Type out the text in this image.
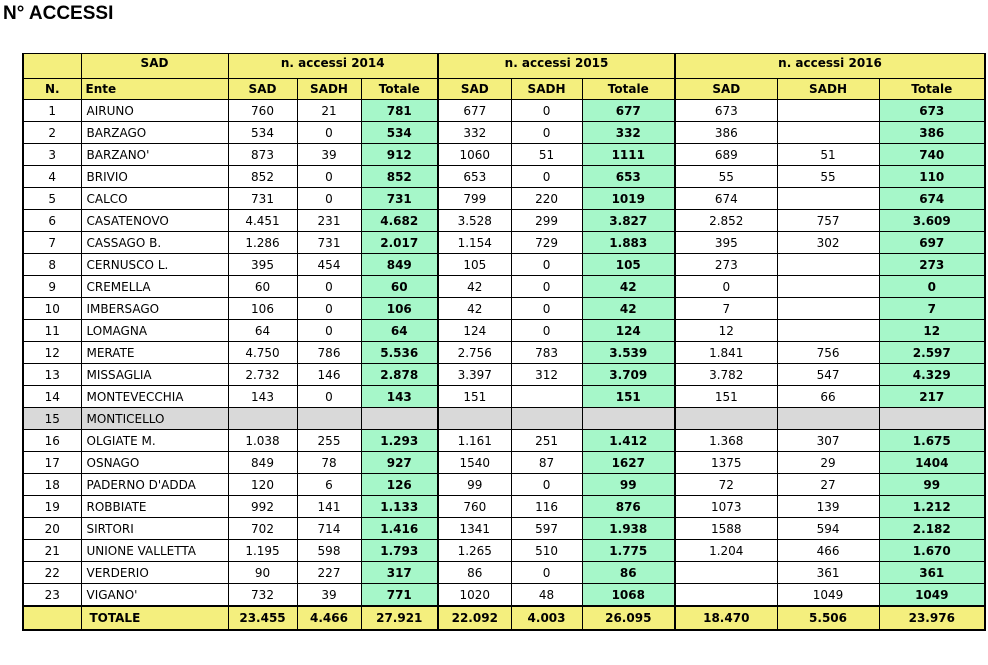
N° ACCESSI
	SAD	n. accessi 2014			n. accessi 2015			n. accessi 2016		
N.	Ente	SAD	SADH	Totale	SAD	SADH	Totale	SAD	SADH	Totale
1	AIRUNO	760	21	781	677	0	677	673		673
2	BARZAGO	534	0	534	332	0	332	386		386
3	BARZANO'	873	39	912	1060	51	1111	689	51	740
4	BRIVIO	852	0	852	653	0	653	55	55	110
5	CALCO	731	0	731	799	220	1019	674		674
6	CASATENOVO	4.451	231	4.682	3.528	299	3.827	2.852	757	3.609
7	CASSAGO B.	1.286	731	2.017	1.154	729	1.883	395	302	697
8	CERNUSCO L.	395	454	849	105	0	105	273		273
9	CREMELLA	60	0	60	42	0	42	0		0
10	IMBERSAGO	106	0	106	42	0	42	7		7
11	LOMAGNA	64	0	64	124	0	124	12		12
12	MERATE	4.750	786	5.536	2.756	783	3.539	1.841	756	2.597
13	MISSAGLIA	2.732	146	2.878	3.397	312	3.709	3.782	547	4.329
14	MONTEVECCHIA	143	0	143	151		151	151	66	217
15	MONTICELLO									
16	OLGIATE M.	1.038	255	1.293	1.161	251	1.412	1.368	307	1.675
17	OSNAGO	849	78	927	1540	87	1627	1375	29	1404
18	PADERNO D'ADDA	120	6	126	99	0	99	72	27	99
19	ROBBIATE	992	141	1.133	760	116	876	1073	139	1.212
20	SIRTORI	702	714	1.416	1341	597	1.938	1588	594	2.182
21	UNIONE VALLETTA	1.195	598	1.793	1.265	510	1.775	1.204	466	1.670
22	VERDERIO	90	227	317	86	0	86		361	361
23	VIGANO'	732	39	771	1020	48	1068		1049	1049
	TOTALE	23.455	4.466	27.921	22.092	4.003	26.095	18.470	5.506	23.976
